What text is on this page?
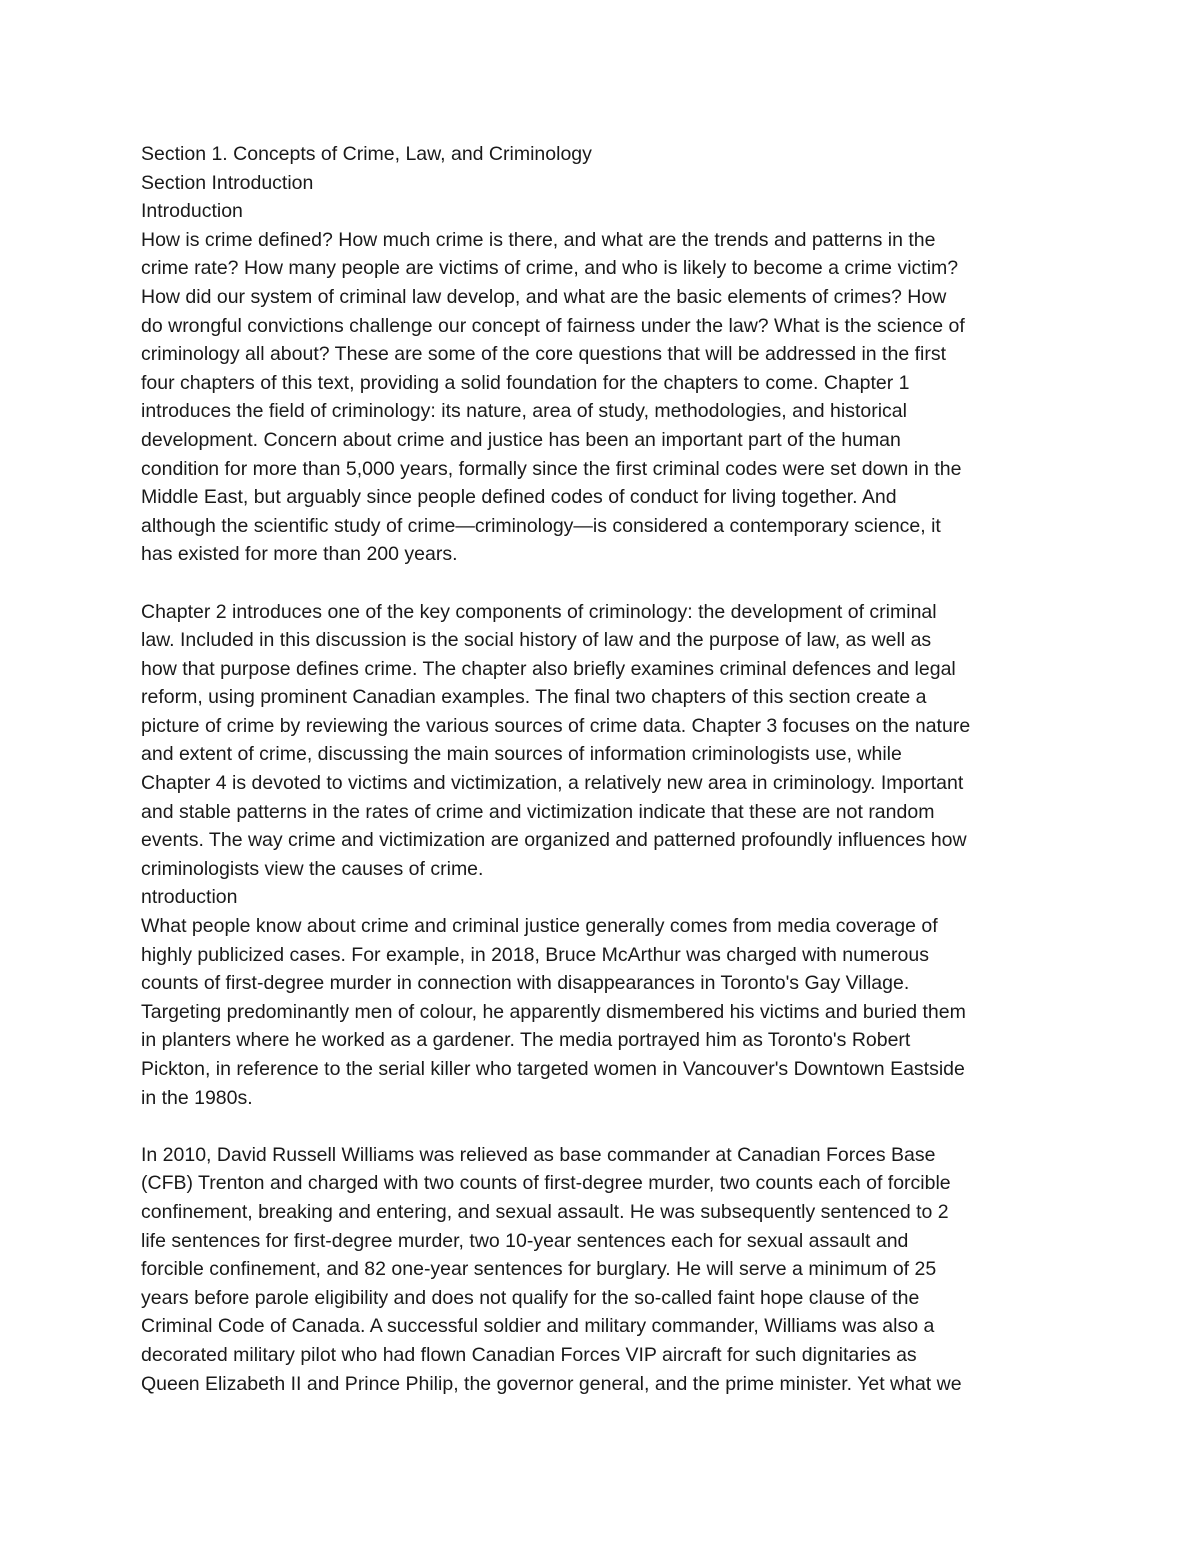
Section 1. Concepts of Crime, Law, and Criminology
Section Introduction
Introduction
How is crime defined? How much crime is there, and what are the trends and patterns in the
crime rate? How many people are victims of crime, and who is likely to become a crime victim?
How did our system of criminal law develop, and what are the basic elements of crimes? How
do wrongful convictions challenge our concept of fairness under the law? What is the science of
criminology all about? These are some of the core questions that will be addressed in the first
four chapters of this text, providing a solid foundation for the chapters to come. Chapter 1
introduces the field of criminology: its nature, area of study, methodologies, and historical
development. Concern about crime and justice has been an important part of the human
condition for more than 5,000 years, formally since the first criminal codes were set down in the
Middle East, but arguably since people defined codes of conduct for living together. And
although the scientific study of crime—criminology—is considered a contemporary science, it
has existed for more than 200 years.
Chapter 2 introduces one of the key components of criminology: the development of criminal
law. Included in this discussion is the social history of law and the purpose of law, as well as
how that purpose defines crime. The chapter also briefly examines criminal defences and legal
reform, using prominent Canadian examples. The final two chapters of this section create a
picture of crime by reviewing the various sources of crime data. Chapter 3 focuses on the nature
and extent of crime, discussing the main sources of information criminologists use, while
Chapter 4 is devoted to victims and victimization, a relatively new area in criminology. Important
and stable patterns in the rates of crime and victimization indicate that these are not random
events. The way crime and victimization are organized and patterned profoundly influences how
criminologists view the causes of crime.
ntroduction
What people know about crime and criminal justice generally comes from media coverage of
highly publicized cases. For example, in 2018, Bruce McArthur was charged with numerous
counts of first-degree murder in connection with disappearances in Toronto's Gay Village.
Targeting predominantly men of colour, he apparently dismembered his victims and buried them
in planters where he worked as a gardener. The media portrayed him as Toronto's Robert
Pickton, in reference to the serial killer who targeted women in Vancouver's Downtown Eastside
in the 1980s.
In 2010, David Russell Williams was relieved as base commander at Canadian Forces Base
(CFB) Trenton and charged with two counts of first-degree murder, two counts each of forcible
confinement, breaking and entering, and sexual assault. He was subsequently sentenced to 2
life sentences for first-degree murder, two 10-year sentences each for sexual assault and
forcible confinement, and 82 one-year sentences for burglary. He will serve a minimum of 25
years before parole eligibility and does not qualify for the so-called faint hope clause of the
Criminal Code of Canada. A successful soldier and military commander, Williams was also a
decorated military pilot who had flown Canadian Forces VIP aircraft for such dignitaries as
Queen Elizabeth II and Prince Philip, the governor general, and the prime minister. Yet what we
